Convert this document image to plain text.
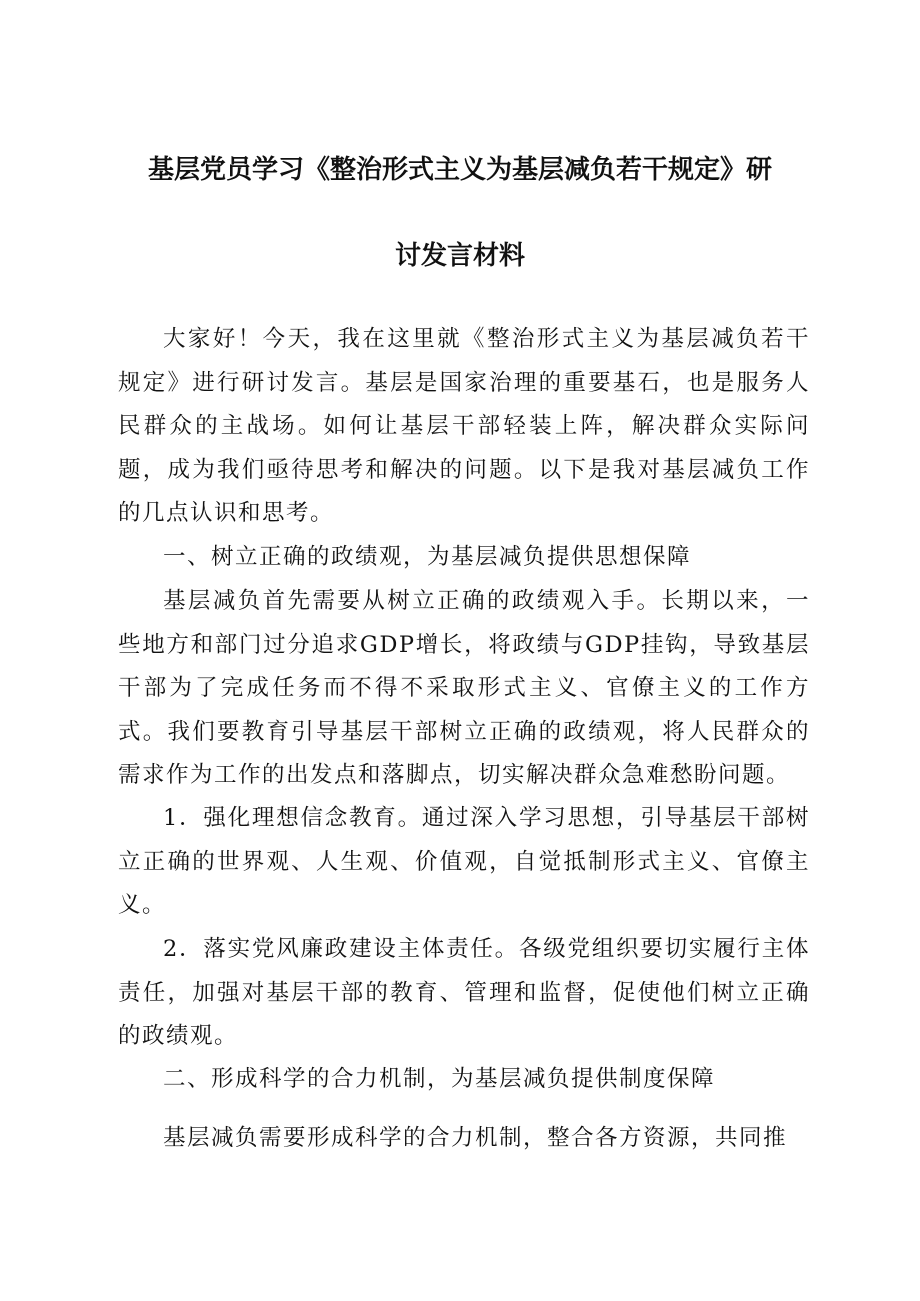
基层党员学习《整治形式主义为基层减负若干规定》研
讨发言材料

大家好！今天，我在这里就《整治形式主义为基层减负若干规定》进行研讨发言。基层是国家治理的重要基石，也是服务人民群众的主战场。如何让基层干部轻装上阵，解决群众实际问题，成为我们亟待思考和解决的问题。以下是我对基层减负工作的几点认识和思考。

一、树立正确的政绩观，为基层减负提供思想保障

基层减负首先需要从树立正确的政绩观入手。长期以来，一些地方和部门过分追求GDP增长，将政绩与GDP挂钩，导致基层干部为了完成任务而不得不采取形式主义、官僚主义的工作方式。我们要教育引导基层干部树立正确的政绩观，将人民群众的需求作为工作的出发点和落脚点，切实解决群众急难愁盼问题。

1．强化理想信念教育。通过深入学习思想，引导基层干部树立正确的世界观、人生观、价值观，自觉抵制形式主义、官僚主义。

2．落实党风廉政建设主体责任。各级党组织要切实履行主体责任，加强对基层干部的教育、管理和监督，促使他们树立正确的政绩观。

二、形成科学的合力机制，为基层减负提供制度保障

基层减负需要形成科学的合力机制，整合各方资源，共同推
